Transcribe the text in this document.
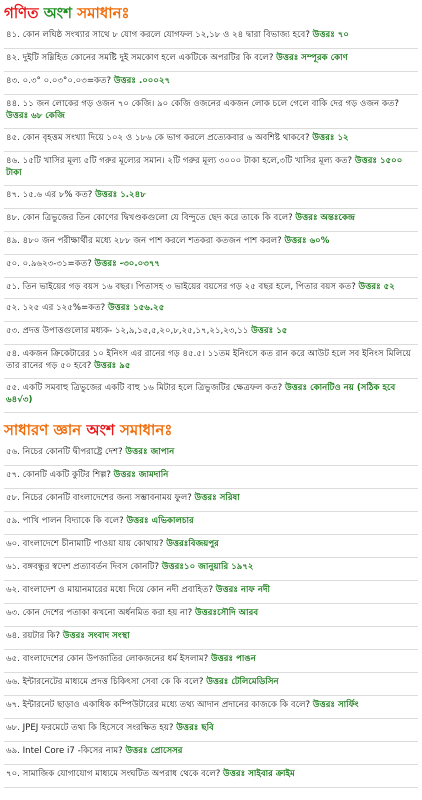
গণিত অংশ সমাধানঃ
৪১. কোন লঘিষ্ঠ সংখ্যার সাথে ৮ যোগ করলে যোগফল ১২,১৮ ও ২৪ দ্বারা বিভাজ্য হবে? উত্তরঃ ৭০
৪২. দুইটি সম্নিহিত কোনের সমষ্টি দুই সমকোণ হলে একটিকে অপরটির কি বলে? উত্তরঃ সম্পূরক কোণ
৪৩. ০.৩° ০.০৩°০.০৩=কত? উত্তরঃ .০০০২৭
৪৪. ১১ জন লোকের গড় ওজন ৭০ কেজি। ৯০ কেজি ওজনের একজন লোক চলে গেলে বাকি দের গড় ওজন কত? উত্তরঃ ৬৮ কেজি
৪৫. কোন বৃহত্তম সংখ্যা দিয়ে ১০২ ও ১৮৬ কে ভাগ করলে প্রত্যেকবার ৬ অবশিষ্ট থাকবে? উত্তরঃ ১২
৪৬. ১৫টি খাসির মূল্য ৫টি গরুর মূল্যের সমান। ২টি গরুর মূল্য ৩০০০ টাকা হলে,৩টি খাসির মূল্য কত? উত্তরঃ ১৫০০ টাকা
৪৭. ১৫.৬ এর ৮% কত? উত্তরঃ ১.২৪৮
৪৮. কোন ত্রিভুজের তিন কোণের দ্বিখণ্ডকগুলো যে বিন্দুতে ছেদ করে তাকে কি বলে? উত্তরঃ অন্তঃকেন্দ্র
৪৯. ৪৮০ জন পরীক্ষার্থীর মধ্যে ২৮৮ জন পাশ করলে শতকরা কতজন পাশ করল? উত্তরঃ ৬০%
৫০. ০.৯৬২৩-৩১=কত? উত্তরঃ -৩০.০৩৭৭
৫১. তিন ভাইয়ের গড় বয়স ১৬ বছর। পিতাসহ ৩ ভাইয়ের বয়সের গড় ২৫ বছর হলে, পিতার বয়স কত? উত্তরঃ ৫২
৫২. ১২৫ এর ১২৫%=কত? উত্তরঃ ১৫৬.২৫
৫৩. প্রদত্ত উপাত্তগুলোর মধ্যক- ১২,৯,১৫,৫,২০,৮,২৫,১৭,২১,২৩,১১ উত্তরঃ ১৫
৫৪. একজন ক্রিকেটারের ১০ ইনিংস এর রানের গড় ৪৫.৫। ১১তম ইনিংসে কত রান করে আউট হলে সব ইনিংস মিলিয়ে তার রানের গড় ৫০ হবে? উত্তরঃ ৯৫
৫৫. একটি সমবাহু ত্রিভুজের একটি বাহু ১৬ মিটার হলে ত্রিভুজটির ক্ষেত্রফল কত? উত্তরঃ কোনটিও নয় (সঠিক হবে ৬৪√৩)
সাধারণ জ্ঞান অংশ সমাধানঃ
৫৬. নিচের কোনটি দ্বীপরাষ্ট্রে দেশ? উত্তরঃ জাপান
৫৭. কোনটি একটি কুটির শিল্প? উত্তরঃ জামদানি
৫৮. নিচের কোনটি বাংলাদেশের জন্য সম্ভাবনাময় ফুল? উত্তরঃ সরিষা
৫৯. পাখি পালন বিদ্যাকে কি বলে? উত্তরঃ এভিকালচার
৬০. বাংলাদেশে চীনামাটি পাওয়া যায় কোথায়? উত্তরঃবিজয়পুর
৬১. বঙ্গবন্ধুর স্বদেশ প্রত্যাবর্তন দিবস কোনটি? উত্তরঃ১০ জানুয়ারি ১৯৭২
৬২. বাংলাদেশ ও মায়ানমারের মধ্যে দিয়ে কোন নদী প্রবাহিত? উত্তরঃ নাফ নদী
৬৩. কোন দেশের পতাকা কখনো অর্ধনমিত করা হয় না? উত্তরঃসৌদি আরব
৬৪. রয়টার কি? উত্তরঃ সংবাদ সংস্থা
৬৫. বাংলাদেশের কোন উপজাতির লোকজনের ধর্ম ইসলাম? উত্তরঃ পাঙন
৬৬. ইন্টারনেটের মাধ্যমে প্রদত্ত চিকিৎসা সেবা কে কি বলে? উত্তরঃ টেলিমেডিসিন
৬৭. ইন্টারনেট ছাড়াও একাধিক কম্পিউটারের মধ্যে তথ্য আদান প্রদানের কাজকে কি বলে? উত্তরঃ সার্ফিং
৬৮. JPEJ ফরমেটে তথ্য কি হিসেবে সংরক্ষিত হয়? উত্তরঃ ছবি
৬৯. Intel Core i7 -কিসের নাম? উত্তরঃ প্রোসেসর
৭০. সামাজিক যোগাযোগ মাধ্যমে সংঘটিত অপরাধ থেকে বলে? উত্তরঃ সাইবার ক্রাইম
